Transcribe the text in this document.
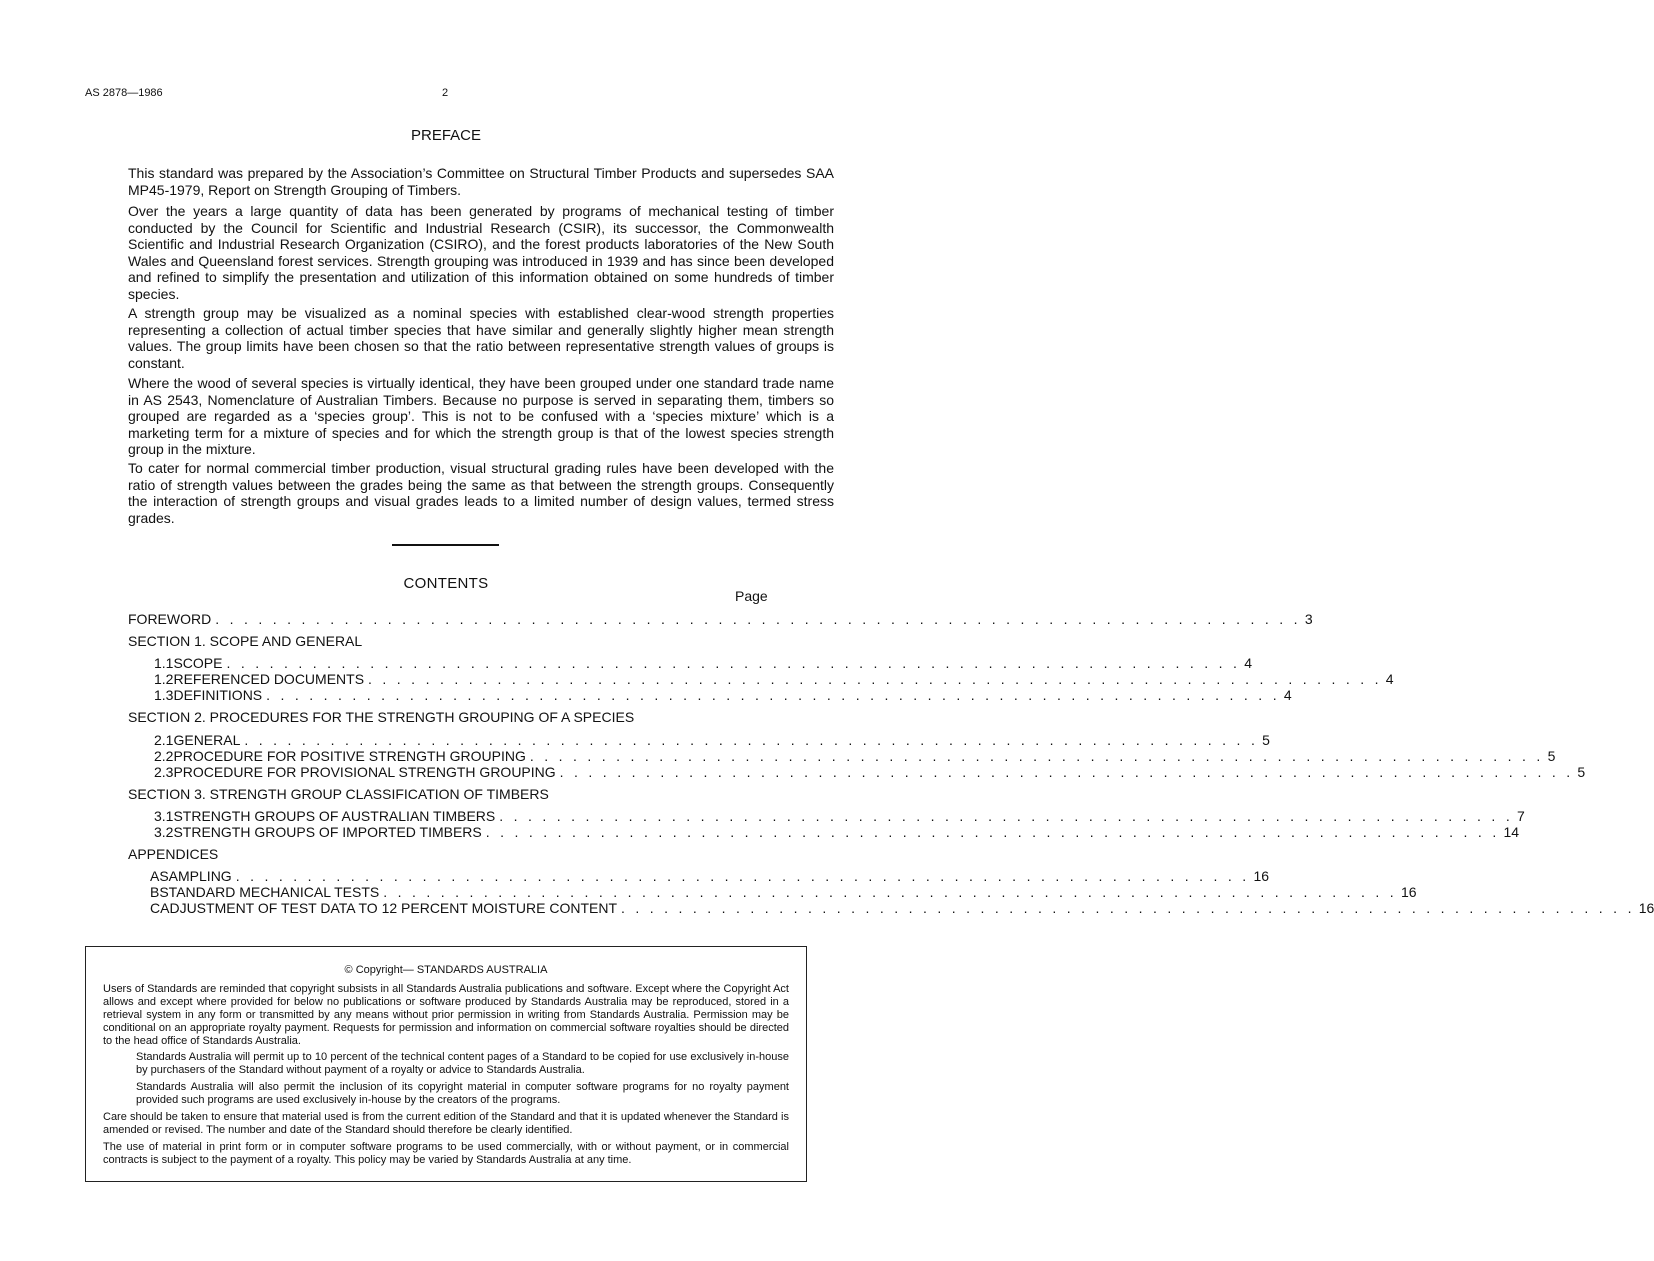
AS 2878—1986	2
PREFACE

This standard was prepared by the Association’s Committee on Structural Timber Products and supersedes SAA MP45-1979, Report on Strength Grouping of Timbers.

Over the years a large quantity of data has been generated by programs of mechanical testing of timber conducted by the Council for Scientific and Industrial Research (CSIR), its successor, the Commonwealth Scientific and Industrial Research Organization (CSIRO), and the forest products laboratories of the New South Wales and Queensland forest services. Strength grouping was introduced in 1939 and has since been developed and refined to simplify the presentation and utilization of this information obtained on some hundreds of timber species.

A strength group may be visualized as a nominal species with established clear-wood strength properties representing a collection of actual timber species that have similar and generally slightly higher mean strength values. The group limits have been chosen so that the ratio between representative strength values of groups is constant.

Where the wood of several species is virtually identical, they have been grouped under one standard trade name in AS 2543, Nomenclature of Australian Timbers. Because no purpose is served in separating them, timbers so grouped are regarded as a ‘species group’. This is not to be confused with a ‘species mixture’ which is a marketing term for a mixture of species and for which the strength group is that of the lowest species strength group in the mixture.

To cater for normal commercial timber production, visual structural grading rules have been developed with the ratio of strength values between the grades being the same as that between the strength groups. Consequently the interaction of strength groups and visual grades leads to a limited number of design values, termed stress grades.

CONTENTS
Page
FOREWORD . . . . . . . . . . . . . . . . . . . . . . . . . . . . . . . . . . . . . . . . . . . . . . . . . . . . . . . . . . . . . . . . . . . . . . . . . . . . 3
SECTION 1. SCOPE AND GENERAL
1.1 SCOPE . . . . . . . . . . . . . . . . . . . . . . . . . . . . . . . . . . . . . . . . . . . . . . . . . . . . . . . . . . . . . . . . . . . . . . . 4
1.2 REFERENCED DOCUMENTS . . . . . . . . . . . . . . . . . . . . . . . . . . . . . . . . . . . . . . . . . . . . . . . . . . . . . . . . . . . . . . . . . . . . . . . 4
1.3 DEFINITIONS . . . . . . . . . . . . . . . . . . . . . . . . . . . . . . . . . . . . . . . . . . . . . . . . . . . . . . . . . . . . . . . . . . . . . . . 4
SECTION 2. PROCEDURES FOR THE STRENGTH GROUPING OF A SPECIES
2.1 GENERAL . . . . . . . . . . . . . . . . . . . . . . . . . . . . . . . . . . . . . . . . . . . . . . . . . . . . . . . . . . . . . . . . . . . . . . . 5
2.2 PROCEDURE FOR POSITIVE STRENGTH GROUPING . . . . . . . . . . . . . . . . . . . . . . . . . . . . . . . . . . . . . . . . . . . . . . . . . . . . . . . . . . . . . . . . . . . . . . . 5
2.3 PROCEDURE FOR PROVISIONAL STRENGTH GROUPING . . . . . . . . . . . . . . . . . . . . . . . . . . . . . . . . . . . . . . . . . . . . . . . . . . . . . . . . . . . . . . . . . . . . . . . 5
SECTION 3. STRENGTH GROUP CLASSIFICATION OF TIMBERS
3.1 STRENGTH GROUPS OF AUSTRALIAN TIMBERS . . . . . . . . . . . . . . . . . . . . . . . . . . . . . . . . . . . . . . . . . . . . . . . . . . . . . . . . . . . . . . . . . . . . . . . 7
3.2 STRENGTH GROUPS OF IMPORTED TIMBERS . . . . . . . . . . . . . . . . . . . . . . . . . . . . . . . . . . . . . . . . . . . . . . . . . . . . . . . . . . . . . . . . . . . . . . . 14
APPENDICES
A SAMPLING . . . . . . . . . . . . . . . . . . . . . . . . . . . . . . . . . . . . . . . . . . . . . . . . . . . . . . . . . . . . . . . . . . . . . . . 16
B STANDARD MECHANICAL TESTS . . . . . . . . . . . . . . . . . . . . . . . . . . . . . . . . . . . . . . . . . . . . . . . . . . . . . . . . . . . . . . . . . . . . . . . 16
C ADJUSTMENT OF TEST DATA TO 12 PERCENT MOISTURE CONTENT . . . . . . . . . . . . . . . . . . . . . . . . . . . . . . . . . . . . . . . . . . . . . . . . . . . . . . . . . . . . . . . . . . . . . . . 16
© Copyright— STANDARDS AUSTRALIA

Users of Standards are reminded that copyright subsists in all Standards Australia publications and software. Except where the Copyright Act allows and except where provided for below no publications or software produced by Standards Australia may be reproduced, stored in a retrieval system in any form or transmitted by any means without prior permission in writing from Standards Australia. Permission may be conditional on an appropriate royalty payment. Requests for permission and information on commercial software royalties should be directed to the head office of Standards Australia.

Standards Australia will permit up to 10 percent of the technical content pages of a Standard to be copied for use exclusively in-house by purchasers of the Standard without payment of a royalty or advice to Standards Australia.

Standards Australia will also permit the inclusion of its copyright material in computer software programs for no royalty payment provided such programs are used exclusively in-house by the creators of the programs.

Care should be taken to ensure that material used is from the current edition of the Standard and that it is updated whenever the Standard is amended or revised. The number and date of the Standard should therefore be clearly identified.

The use of material in print form or in computer software programs to be used commercially, with or without payment, or in commercial contracts is subject to the payment of a royalty. This policy may be varied by Standards Australia at any time.
